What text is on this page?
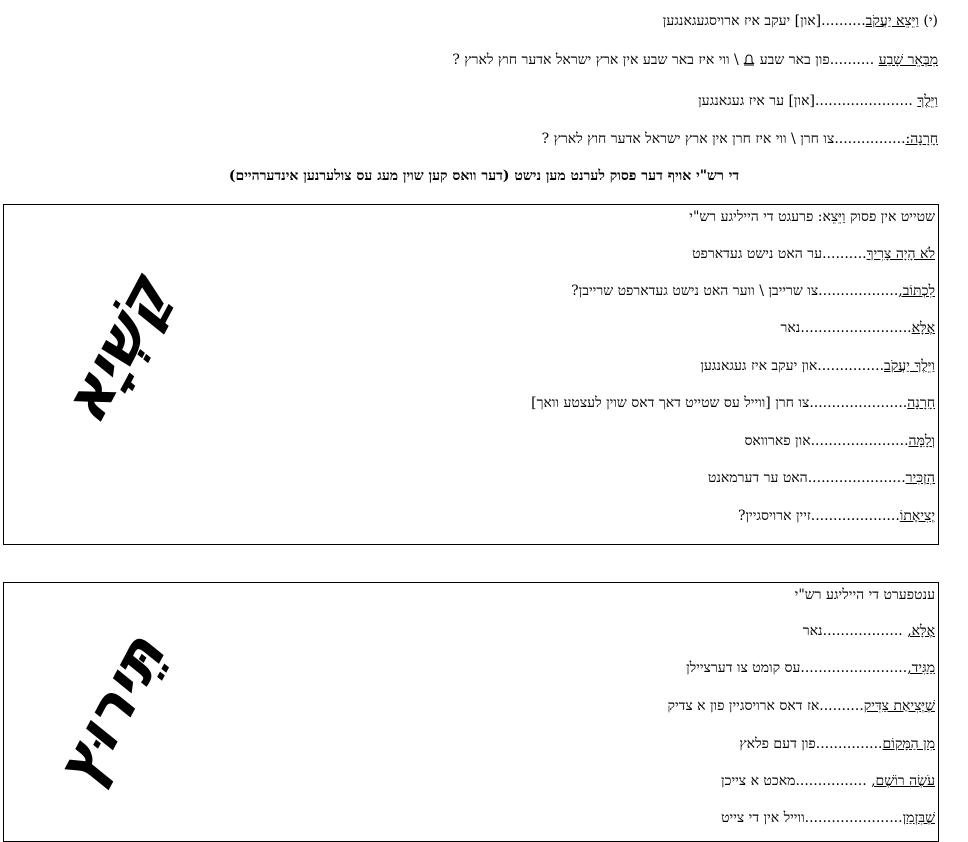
(י) וַיֵּצֵא יַעֲקֹב..........[און] יעקב איז ארויסגעגאנגען
מִבְּאֵר שָׁבַע ..........פון באר שבע  \ ווי איז באר שבע אין ארץ ישראל אדער חוץ לארץ ?
וַיֵּלֶךְ ......................[און] ער איז געגאנגען
חָרָנָה:................צו חרן \ ווי איז חרן אין ארץ ישראל אדער חוץ לארץ ?
די רש"י אויף דער פסוק לערנט מען נישט (דער וואס קען שוין מעג עס צולערנען אינדערהיים)
שטייט אין פסוק וַיֵּצֵא: פרעגט די הייליגע רש"י
לֹא הָיָה צָרִיךְ..........ער האט נישט געדארפט
לִכְתּוֹב,..................צו שרייבן \ ווער האט נישט געדארפט שרייבן?
אֶלָּא.........................נאר
וַיֵּלֶךְ יַעֲקֹב...............און יעקב איז געגאנגען
חָרָנָה......................צו חרן [ווייל עס שטייט דאך דאס שוין לעצטע וואך]
וְלָמָּה......................און פארוואס
הִזְכִּיר......................האט ער דערמאנט
יְצִיאָתוֹ....................זיין ארויסגיין?
קַשְׁיָא
ענטפערט די הייליגע רש"י
אֶלָּא, ..................נאר
מַגִּיד,........................עס קומט צו דערציילן
שֶׁיְּצִיאַת צַדִּיק..........אז דאס ארויסגיין פון א צדיק
מִן הַמָּקוֹם...............פון דעם פלאץ
עֹשֶׂה רוֹשֶׁם, ................מאכט א צייכן
שֶׁבִּזְמַן......................ווייל אין די צייט
תֵּירוּץ
